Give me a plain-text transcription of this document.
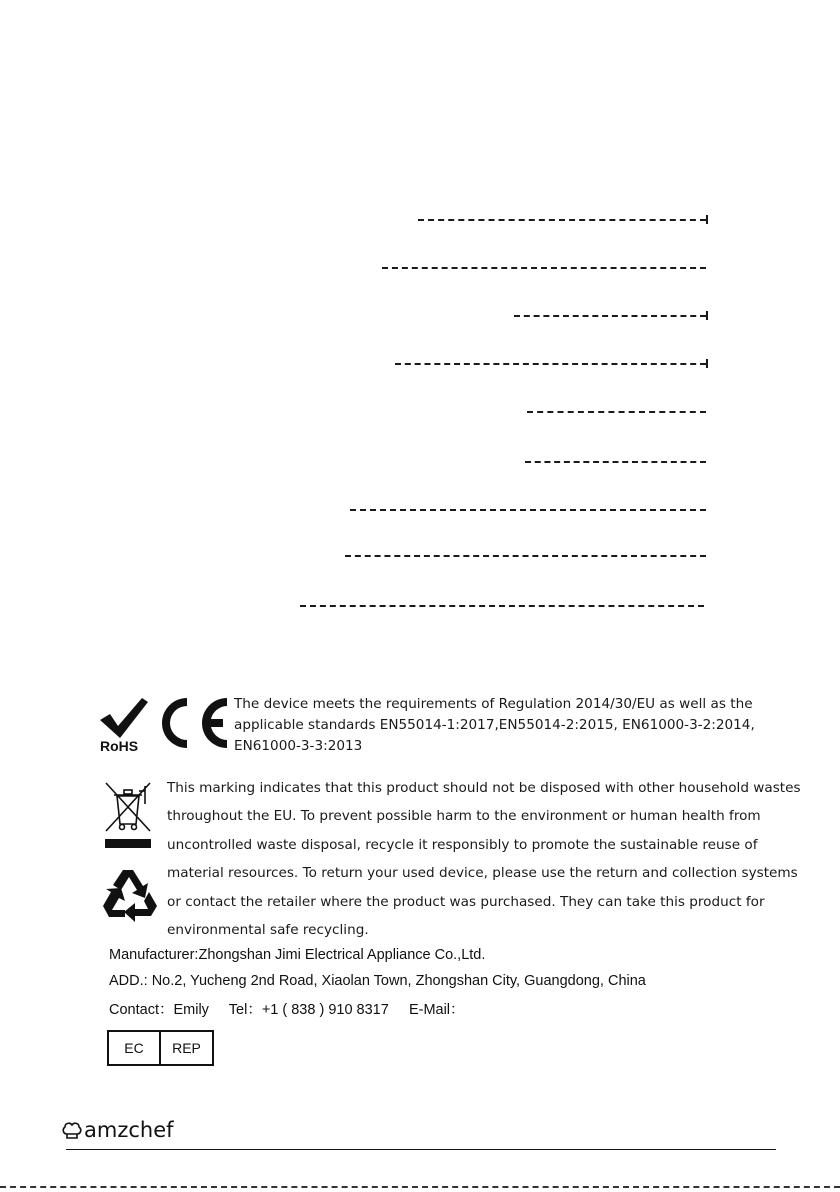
RoHS

The device meets the requirements of Regulation 2014/30/EU as well as the applicable standards EN55014-1:2017,EN55014-2:2015, EN61000-3-2:2014, EN61000-3-3:2013

This marking indicates that this product should not be disposed with other household wastes throughout the EU. To prevent possible harm to the environment or human health from uncontrolled waste disposal, recycle it responsibly to promote the sustainable reuse of material resources. To return your used device, please use the return and collection systems or contact the retailer where the product was purchased. They can take this product for environmental safe recycling.

Manufacturer:Zhongshan Jimi Electrical Appliance Co.,Ltd.
ADD.: No.2, Yucheng 2nd Road, Xiaolan Town, Zhongshan City, Guangdong, China
Contact：Emily     Tel：+1 ( 838 ) 910 8317     E-Mail：
EC	REP
amzchef
